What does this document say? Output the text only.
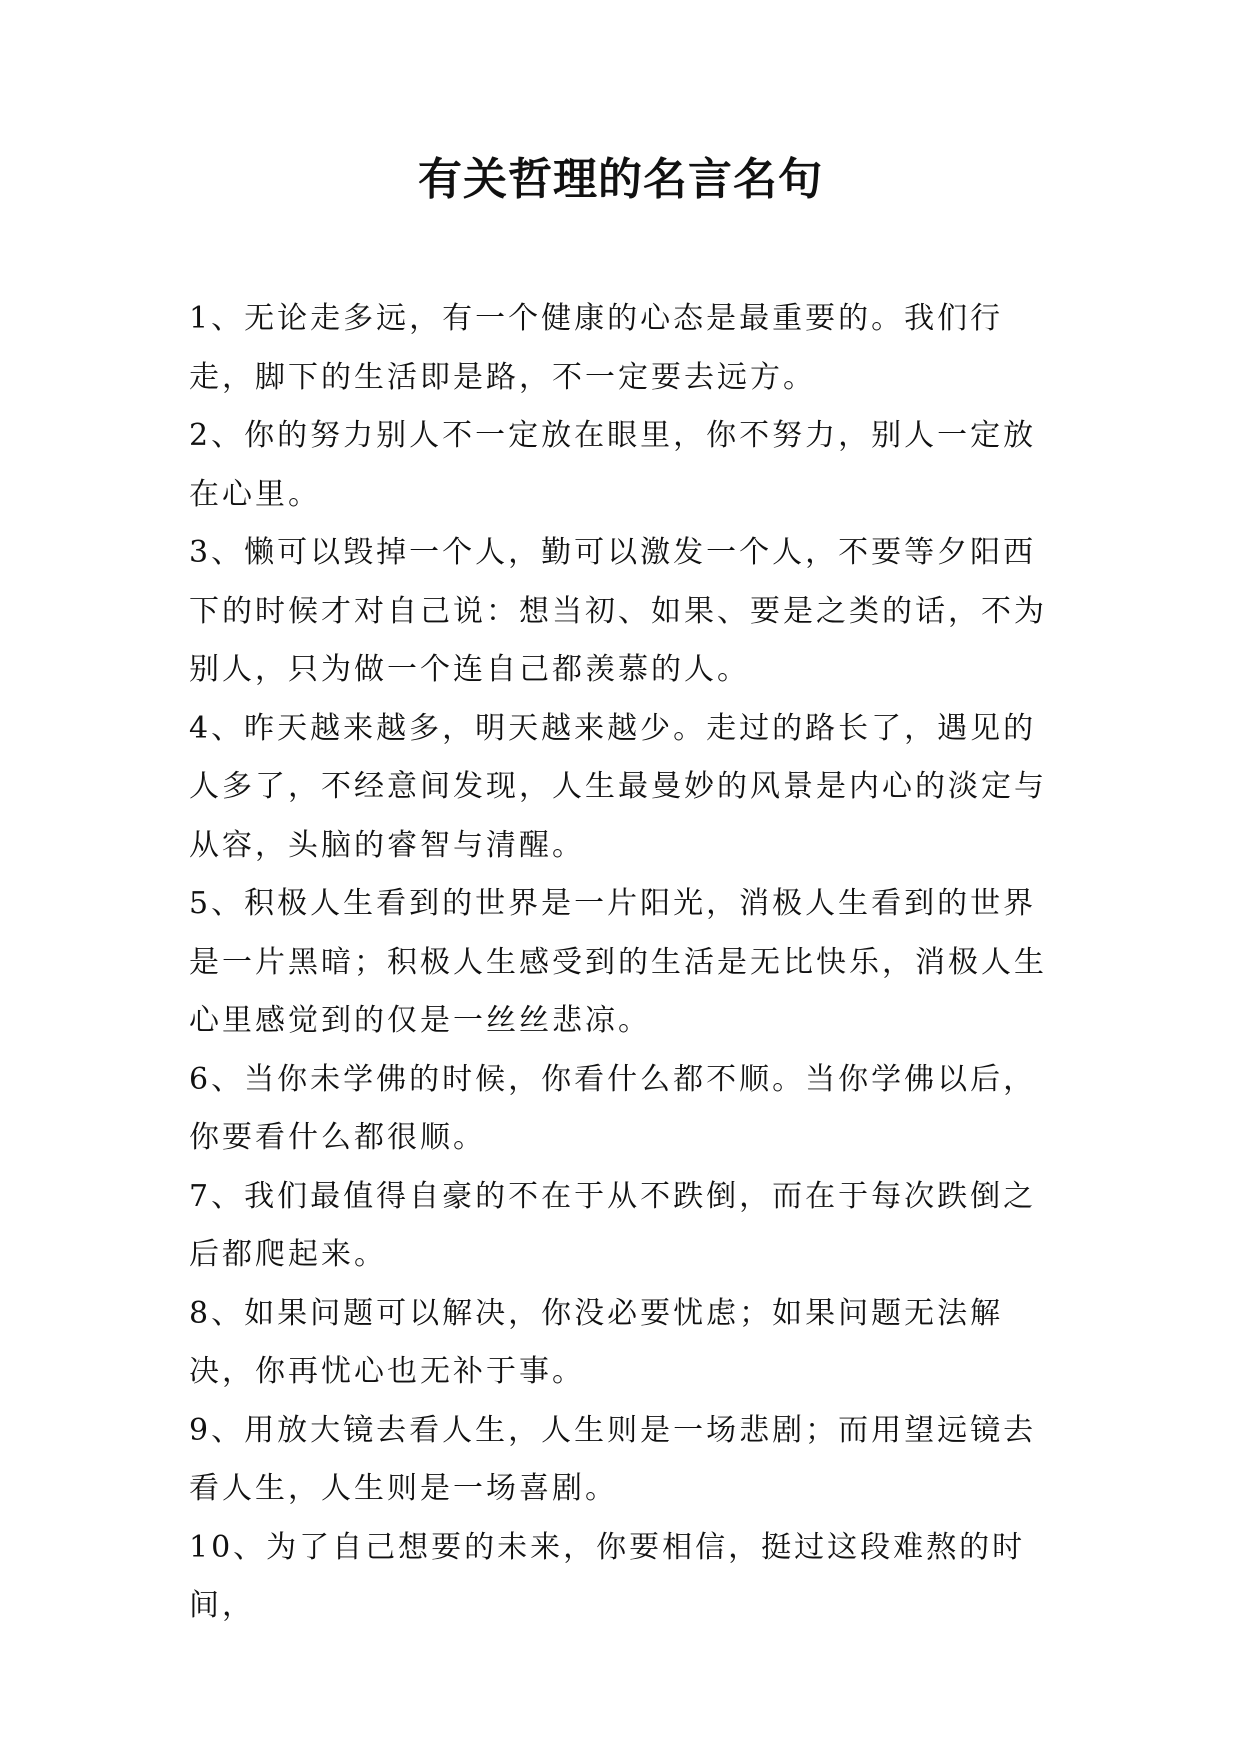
有关哲理的名言名句

1、无论走多远，有一个健康的心态是最重要的。我们行走，脚下的生活即是路，不一定要去远方。

2、你的努力别人不一定放在眼里，你不努力，别人一定放在心里。

3、懒可以毁掉一个人，勤可以激发一个人，不要等夕阳西下的时候才对自己说：想当初、如果、要是之类的话，不为别人，只为做一个连自己都羡慕的人。

4、昨天越来越多，明天越来越少。走过的路长了，遇见的人多了，不经意间发现，人生最曼妙的风景是内心的淡定与从容，头脑的睿智与清醒。

5、积极人生看到的世界是一片阳光，消极人生看到的世界是一片黑暗；积极人生感受到的生活是无比快乐，消极人生心里感觉到的仅是一丝丝悲凉。

6、当你未学佛的时候，你看什么都不顺。当你学佛以后，你要看什么都很顺。

7、我们最值得自豪的不在于从不跌倒，而在于每次跌倒之后都爬起来。

8、如果问题可以解决，你没必要忧虑；如果问题无法解决，你再忧心也无补于事。

9、用放大镜去看人生，人生则是一场悲剧；而用望远镜去看人生，人生则是一场喜剧。

10、为了自己想要的未来，你要相信，挺过这段难熬的时间，
